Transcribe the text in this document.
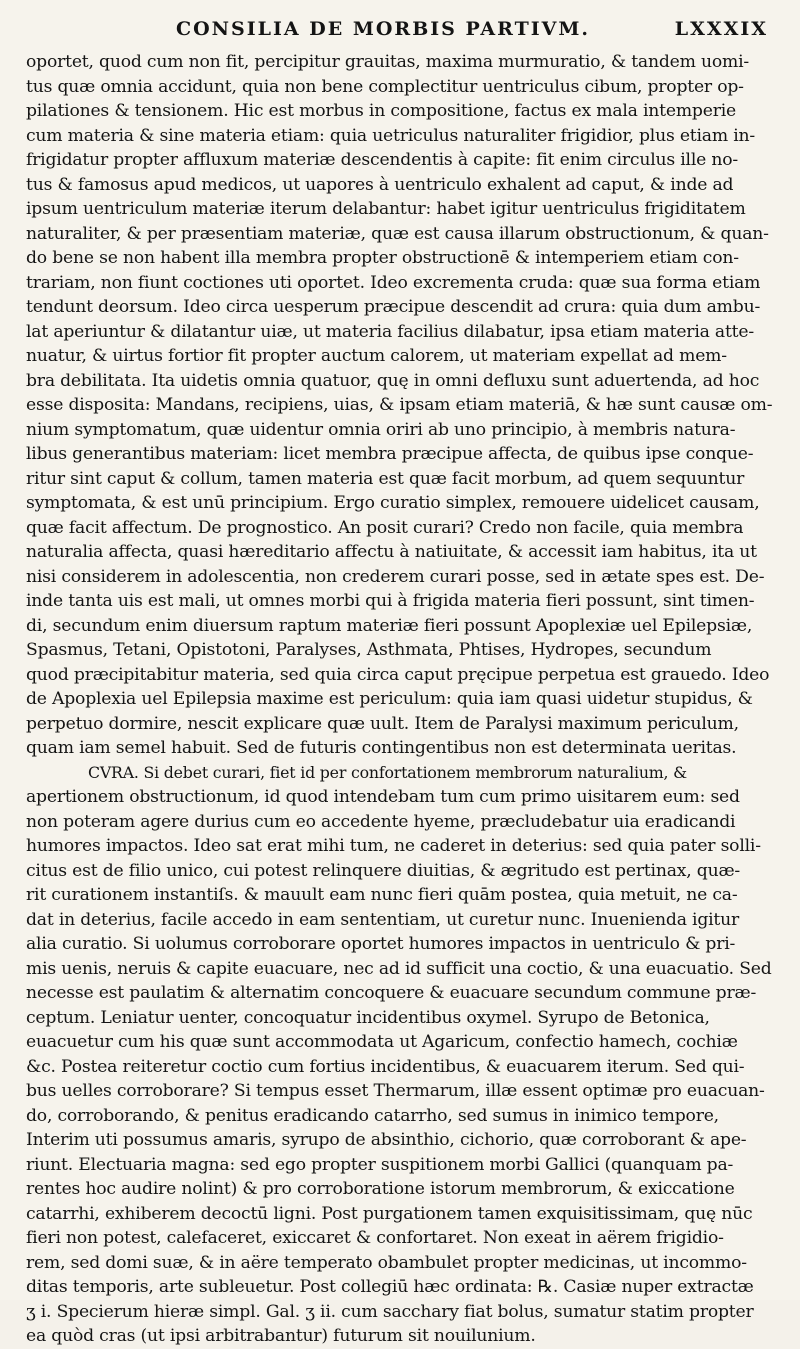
CONSILIA DE MORBIS PARTIVM.	LXXXIX
oportet, quod cum non fit, percipitur grauitas, maxima murmuratio, & tandem uomi-
tus quæ omnia accidunt, quia non bene complectitur uentriculus cibum, propter op-
pilationes & tensionem. Hic est morbus in compositione, factus ex mala intemperie
cum materia & sine materia etiam: quia uetriculus naturaliter frigidior, plus etiam in-
frigidatur propter affluxum materiæ descendentis à capite: fit enim circulus ille no-
tus & famosus apud medicos, ut uapores à uentriculo exhalent ad caput, & inde ad
ipsum uentriculum materiæ iterum delabantur: habet igitur uentriculus frigiditatem
naturaliter, & per præsentiam materiæ, quæ est causa illarum obstructionum, & quan-
do bene se non habent illa membra propter obstructionē & intemperiem etiam con-
trariam, non fiunt coctiones uti oportet. Ideo excrementa cruda: quæ sua forma etiam
tendunt deorsum. Ideo circa uesperum præcipue descendit ad crura: quia dum ambu-
lat aperiuntur & dilatantur uiæ, ut materia facilius dilabatur, ipsa etiam materia atte-
nuatur, & uirtus fortior fit propter auctum calorem, ut materiam expellat ad mem-
bra debilitata. Ita uidetis omnia quatuor, quę in omni defluxu sunt aduertenda, ad hoc
esse disposita: Mandans, recipiens, uias, & ipsam etiam materiā, & hæ sunt causæ om-
nium symptomatum, quæ uidentur omnia oriri ab uno principio, à membris natura-
libus generantibus materiam: licet membra præcipue affecta, de quibus ipse conque-
ritur sint caput & collum, tamen materia est quæ facit morbum, ad quem sequuntur
symptomata, & est unū principium. Ergo curatio simplex, remouere uidelicet causam,
quæ facit affectum. De prognostico. An posit curari? Credo non facile, quia membra
naturalia affecta, quasi hæreditario affectu à natiuitate, & accessit iam habitus, ita ut
nisi considerem in adolescentia, non crederem curari posse, sed in ætate spes est. De-
inde tanta uis est mali, ut omnes morbi qui à frigida materia fieri possunt, sint timen-
di, secundum enim diuersum raptum materiæ fieri possunt Apoplexiæ uel Epilepsiæ,
Spasmus, Tetani, Opistotoni, Paralyses, Asthmata, Phtises, Hydropes, secundum
quod præcipitabitur materia, sed quia circa caput pręcipue perpetua est grauedo. Ideo
de Apoplexia uel Epilepsia maxime est periculum: quia iam quasi uidetur stupidus, &
perpetuo dormire, nescit explicare quæ uult. Item de Paralysi maximum periculum,
quam iam semel habuit. Sed de futuris contingentibus non est determinata ueritas.
CVRA. Si debet curari, fiet id per confortationem membrorum naturalium, &
apertionem obstructionum, id quod intendebam tum cum primo uisitarem eum: sed
non poteram agere durius cum eo accedente hyeme, præcludebatur uia eradicandi
humores impactos. Ideo sat erat mihi tum, ne caderet in deterius: sed quia pater solli-
citus est de filio unico, cui potest relinquere diuitias, & ægritudo est pertinax, quæ-
rit curationem instantiſs. & mauult eam nunc fieri quām postea, quia metuit, ne ca-
dat in deterius, facile accedo in eam sententiam, ut curetur nunc. Inuenienda igitur
alia curatio. Si uolumus corroborare oportet humores impactos in uentriculo & pri-
mis uenis, neruis & capite euacuare, nec ad id sufficit una coctio, & una euacuatio. Sed
necesse est paulatim & alternatim concoquere & euacuare secundum commune præ-
ceptum. Leniatur uenter, concoquatur incidentibus oxymel. Syrupo de Betonica,
euacuetur cum his quæ sunt accommodata ut Agaricum, confectio hamech, cochiæ
&c. Postea reiteretur coctio cum fortius incidentibus, & euacuarem iterum. Sed qui-
bus uelles corroborare? Si tempus esset Thermarum, illæ essent optimæ pro euacuan-
do, corroborando, & penitus eradicando catarrho, sed sumus in inimico tempore,
Interim uti possumus amaris, syrupo de absinthio, cichorio, quæ corroborant & ape-
riunt. Electuaria magna: sed ego propter suspitionem morbi Gallici (quanquam pa-
rentes hoc audire nolint) & pro corroboratione istorum membrorum, & exiccatione
catarrhi, exhiberem decoctū ligni. Post purgationem tamen exquisitissimam, quę nūc
fieri non potest, calefaceret, exiccaret & confortaret. Non exeat in aërem frigidio-
rem, sed domi suæ, & in aëre temperato obambulet propter medicinas, ut incommo-
ditas temporis, arte subleuetur. Post collegiū hæc ordinata: ℞. Casiæ nuper extractæ
ʒ i. Specierum hieræ simpl. Gal. ʒ ii. cum sacchary fiat bolus, sumatur statim propter
ea quòd cras (ut ipsi arbitrabantur) futurum sit nouilunium.
